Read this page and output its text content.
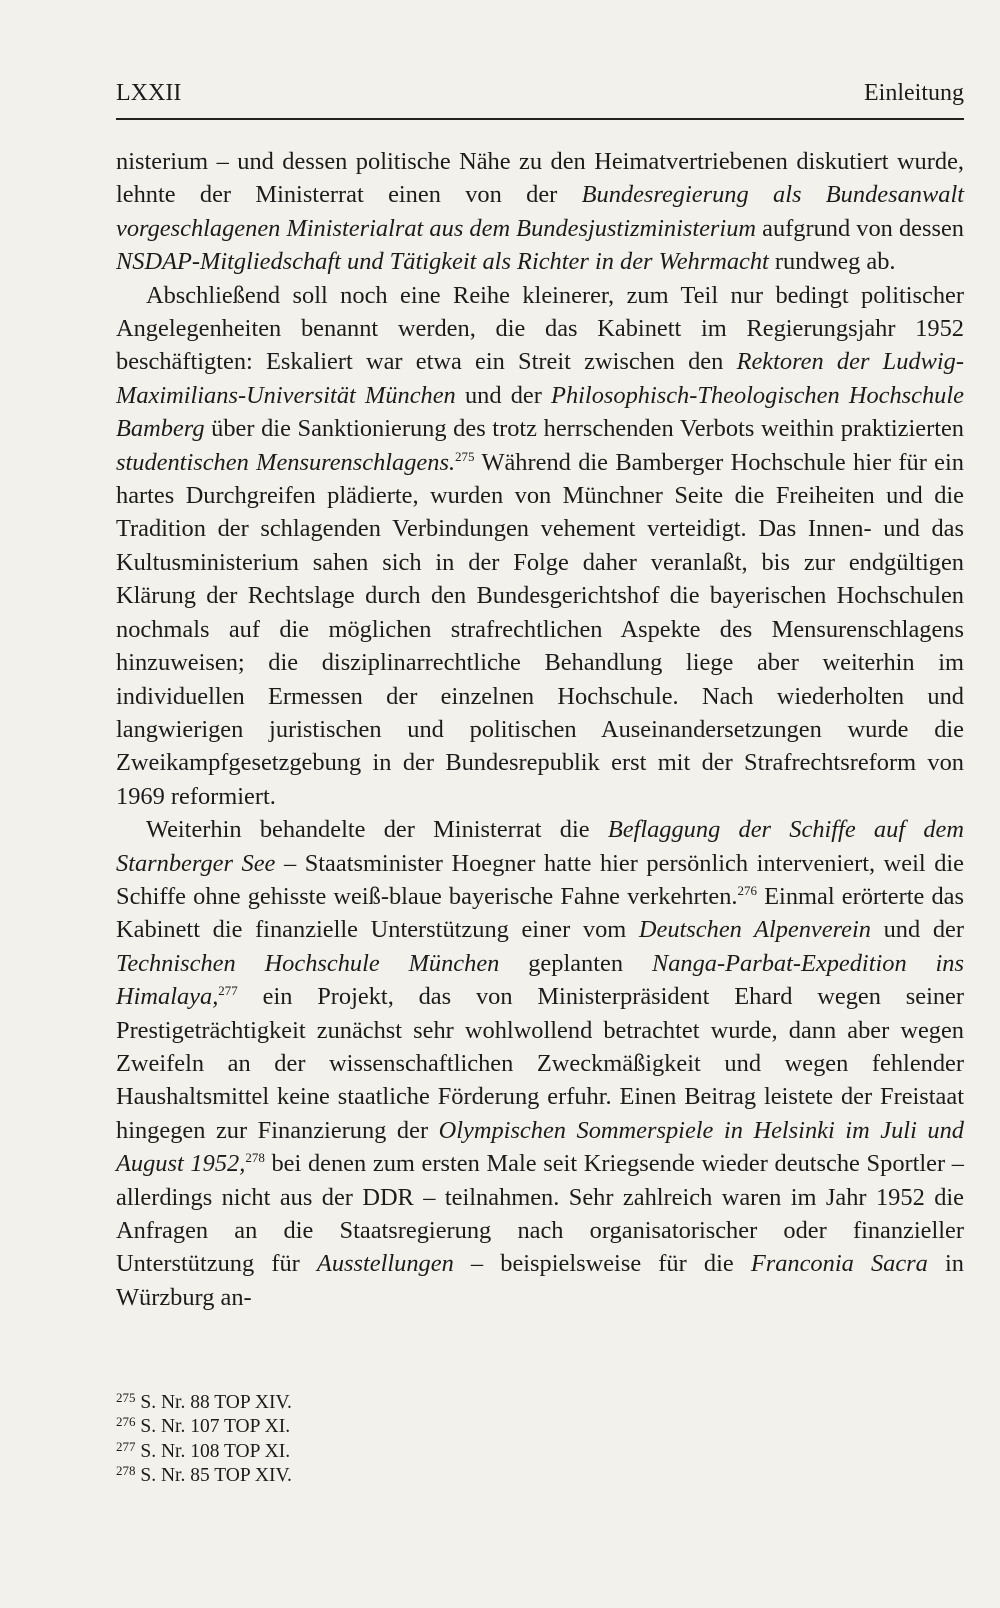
LXXII	Einleitung

nisterium – und dessen politische Nähe zu den Heimatvertriebenen diskutiert wurde, lehnte der Ministerrat einen von der Bundesregierung als Bundesanwalt vorgeschlagenen Ministerialrat aus dem Bundesjustizministerium aufgrund von dessen NSDAP-Mitgliedschaft und Tätigkeit als Richter in der Wehrmacht rundweg ab.

Abschließend soll noch eine Reihe kleinerer, zum Teil nur bedingt politischer Angelegenheiten benannt werden, die das Kabinett im Regierungsjahr 1952 beschäftigten: Eskaliert war etwa ein Streit zwischen den Rektoren der Ludwig-Maximilians-Universität München und der Philosophisch-Theologischen Hochschule Bamberg über die Sanktionierung des trotz herrschenden Verbots weithin praktizierten studentischen Mensurenschlagens.$^{275}$ Während die Bamberger Hochschule hier für ein hartes Durchgreifen plädierte, wurden von Münchner Seite die Freiheiten und die Tradition der schlagenden Verbindungen vehement verteidigt. Das Innen- und das Kultusministerium sahen sich in der Folge daher veranlaßt, bis zur endgültigen Klärung der Rechtslage durch den Bundesgerichtshof die bayerischen Hochschulen nochmals auf die möglichen strafrechtlichen Aspekte des Mensurenschlagens hinzuweisen; die disziplinarrechtliche Behandlung liege aber weiterhin im individuellen Ermessen der einzelnen Hochschule. Nach wiederholten und langwierigen juristischen und politischen Auseinandersetzungen wurde die Zweikampfgesetzgebung in der Bundesrepublik erst mit der Strafrechtsreform von 1969 reformiert.

Weiterhin behandelte der Ministerrat die Beflaggung der Schiffe auf dem Starnberger See – Staatsminister Hoegner hatte hier persönlich interveniert, weil die Schiffe ohne gehisste weiß-blaue bayerische Fahne verkehrten.$^{276}$ Einmal erörterte das Kabinett die finanzielle Unterstützung einer vom Deutschen Alpenverein und der Technischen Hochschule München geplanten Nanga-Parbat-Expedition ins Himalaya,$^{277}$ ein Projekt, das von Ministerpräsident Ehard wegen seiner Prestigeträchtigkeit zunächst sehr wohlwollend betrachtet wurde, dann aber wegen Zweifeln an der wissenschaftlichen Zweckmäßigkeit und wegen fehlender Haushaltsmittel keine staatliche Förderung erfuhr. Einen Beitrag leistete der Freistaat hingegen zur Finanzierung der Olympischen Sommerspiele in Helsinki im Juli und August 1952,$^{278}$ bei denen zum ersten Male seit Kriegsende wieder deutsche Sportler – allerdings nicht aus der DDR – teilnahmen. Sehr zahlreich waren im Jahr 1952 die Anfragen an die Staatsregierung nach organisatorischer oder finanzieller Unterstützung für Ausstellungen – beispielsweise für die Franconia Sacra in Würzburg an-

$^{275}$ S. Nr. 88 TOP XIV.
$^{276}$ S. Nr. 107 TOP XI.
$^{277}$ S. Nr. 108 TOP XI.
$^{278}$ S. Nr. 85 TOP XIV.
